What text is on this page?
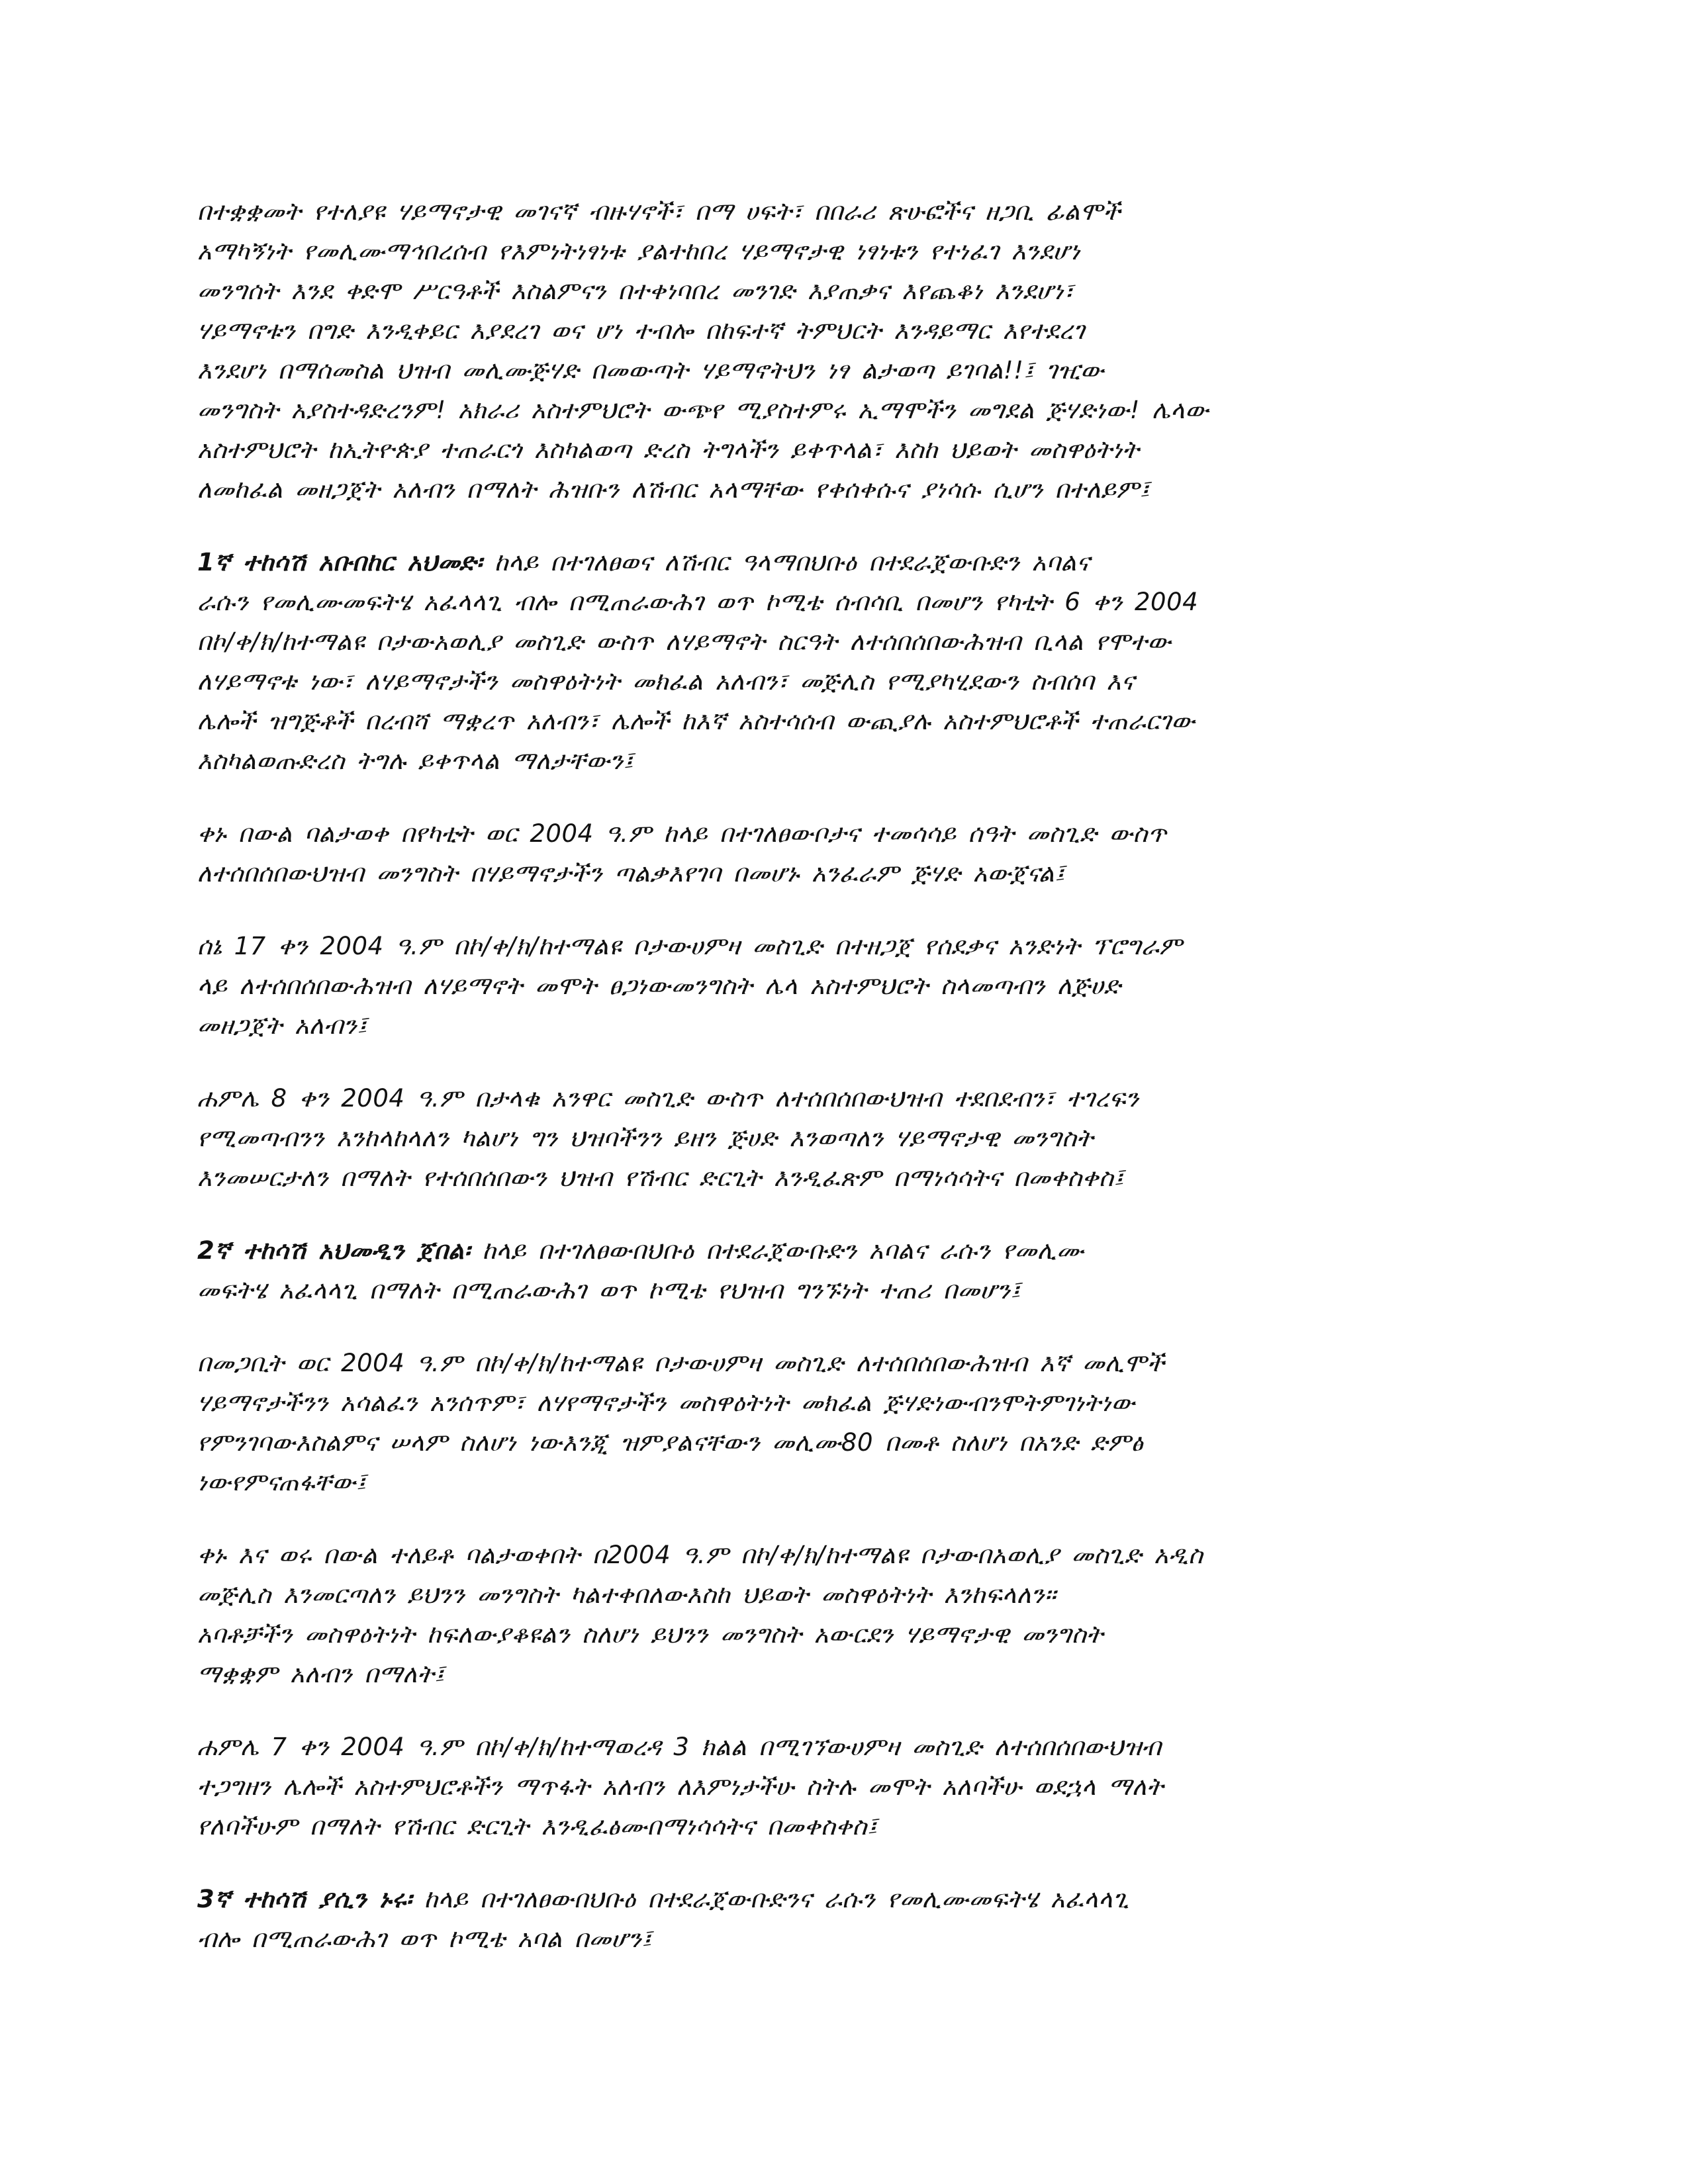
በተቋቋመት የተለያዩ ሃይማኖታዊ መገናኛ ብዙሃኖች፣ በማ ሀፍት፣ በበራሪ ጽሁፎችና ዘጋቢ ፊልሞች
አማካኝነት የመሊሙማኅበረሰብ የእምነትነፃነቱ ያልተከበረ ሃይማኖታዊ ነፃነቱን የተነፈገ እንደሆነ
መንግሰት እንደ ቀድሞ ሥርዓቶች እስልምናን በተቀነባበረ መንገድ እያጠቃና እየጨቆነ እንደሆነ፣
ሃይማኖቱን በግድ እንዲቀይር እያደረገ ወና ሆነ ተብሎ በከፍተኛ ትምህርት እንዳይማር እየተደረገ
እንደሆነ በማሰመስል ህዝብ መሊሙጅሃድ በመውጣት ሃይማኖትህን ነፃ ልታወጣ ይገባል!!፤ ገዢው
መንግስት አያስተዳድረንም! አክራሪ አስተምህሮት ውጭየ ሚያስተምሩ ኢማሞችን መግደል ጅሃድነው! ሌላው
አስተምህሮት ከኢትዮጵያ ተጠራርጎ እስካልወጣ ድረስ ትግላችን ይቀጥላል፣ እስከ ህይወት መስዋዕትነት
ለመከፈል መዘጋጀት አለብን በማለት ሕዝቡን ለሽብር አላማቸው የቀሰቀሱና ያነሳሱ ሲሆን በተለይም፤

1ኛ ተከሳሽ አቡበከር አህመድ፡ ከላይ በተገለፀወና ለሽብር ዓላማበህቡዕ በተደራጀውቡድን አባልና
ራሱን የመሊሙመፍትሄ አፈላላጊ ብሎ በሚጠራውሕገ ወጥ ኮሚቴ ሰብሳቢ በመሆን የካቲት 6 ቀን 2004
በኮ/ቀ/ክ/ከተማልዩ ቦታውአወሊያ መስጊድ ውስጥ ለሃይማኖት ስርዓት ለተሰበሰበውሕዝብ ቢላል የሞተው
ለሃይማኖቱ ነው፣ ለሃይማኖታችን መስዋዕትነት መክፈል አለብን፣ መጅሊስ የሚያካሂደውን ስብሰባ እና
ሌሎች ዝግጅቶች በረብሻ ማቋረጥ አለብን፣ ሌሎች ከእኛ አስተሳሰብ ውጪያሉ አስተምህሮቶች ተጠራርገው
እስካልወጡድረስ ትግሉ ይቀጥላል ማለታቸውን፤

ቀኑ በውል ባልታወቀ በየካቲት ወር 2004 ዓ.ም ከላይ በተገለፀውቦታና ተመሳሳይ ሰዓት መስጊድ ውስጥ
ለተሰበሰበውህዝብ መንግስት በሃይማኖታችን ጣልቃእየገባ በመሆኑ አንፈራም ጅሃድ አውጀናል፤

ሰኔ 17 ቀን 2004 ዓ.ም በኮ/ቀ/ክ/ከተማልዩ ቦታውሀምዛ መስጊድ በተዘጋጀ የሰደቃና አንድነት ፕሮግራም
ላይ ለተሰበሰበውሕዝብ ለሃይማኖት መሞት ፀጋነውመንግስት ሌላ አስተምህሮት ስላመጣብን ለጅሀድ
መዘጋጀት አለብን፤

ሐምሌ 8 ቀን 2004 ዓ.ም በታላቁ አንዋር መስጊድ ውስጥ ለተሰበሰበውህዝብ ተደበደብን፣ ተገረፍን
የሚመጣብንን እንከላከላለን ካልሆነ ግን ህዝባችንን ይዘን ጅሀድ እንወጣለን ሃይማኖታዊ መንግስት
እንመሠርታለን በማለት የተሰበሰበውን ህዝብ የሽብር ድርጊት እንዲፈጽም በማነሳሳትና በመቀስቀስ፤

2ኛ ተከሳሽ አህመዲን ጀበል፡ ከላይ በተገለፀውበህቡዕ በተደራጀውቡድን አባልና ራሱን የመሊሙ
መፍትሄ አፈላላጊ በማለት በሚጠራውሕገ ወጥ ኮሚቴ የህዝብ ግንኙነት ተጠሪ በመሆን፤

በመጋቢት ወር 2004 ዓ.ም በኮ/ቀ/ክ/ከተማልዩ ቦታውሀምዛ መስጊድ ለተሰበሰበውሕዝብ እኛ መሊሞች
ሃይማኖታችንን አሳልፈን አንሰጥም፣ ለሃየማኖታችን መስዋዕትነት መክፈል ጅሃድነውብንሞትምገነትነው
የምንገባውእስልምና ሠላም ስለሆነ ነውእንጂ ዝምያልናቸውን መሊሙ80 በመቶ ስለሆነ በአንድ ድምፅ
ነውየምናጠፋቸው፤

ቀኑ እና ወሩ በውል ተለይቶ ባልታወቀበት በ2004 ዓ.ም በኮ/ቀ/ክ/ከተማልዩ ቦታውበአወሊያ መስጊድ አዲስ
መጅሊስ እንመርጣለን ይህንን መንግስት ካልተቀበለውእስከ ህይወት መስዋዕትነት እንከፍላለን።
አባቶቻችን መስዋዕትነት ከፍለውያቆዩልን ስለሆነ ይህንን መንግስት አውርደን ሃይማኖታዊ መንግስት
ማቋቋም አለብን በማለት፤

ሐምሌ 7 ቀን 2004 ዓ.ም በኮ/ቀ/ክ/ከተማወረዳ 3 ክልል በሚገኘውሀምዛ መስጊድ ለተሰበሰበውህዝብ
ተጋግዘን ሌሎች አስተምህሮቶችን ማጥፋት አለብን ለእምነታችሁ ስትሉ መሞት አለባችሁ ወደኋላ ማለት
የለባችሁም በማለት የሽብር ድርጊት እንዲፈፅሙበማነሳሳትና በመቀስቀስ፤

3ኛ ተከሳሽ ያሲን ኑሩ፡ ከላይ በተገለፀውበህቡዕ በተደራጀውቡድንና ራሱን የመሊሙመፍትሄ አፈላላጊ
ብሎ በሚጠራውሕገ ወጥ ኮሚቴ አባል በመሆን፤
